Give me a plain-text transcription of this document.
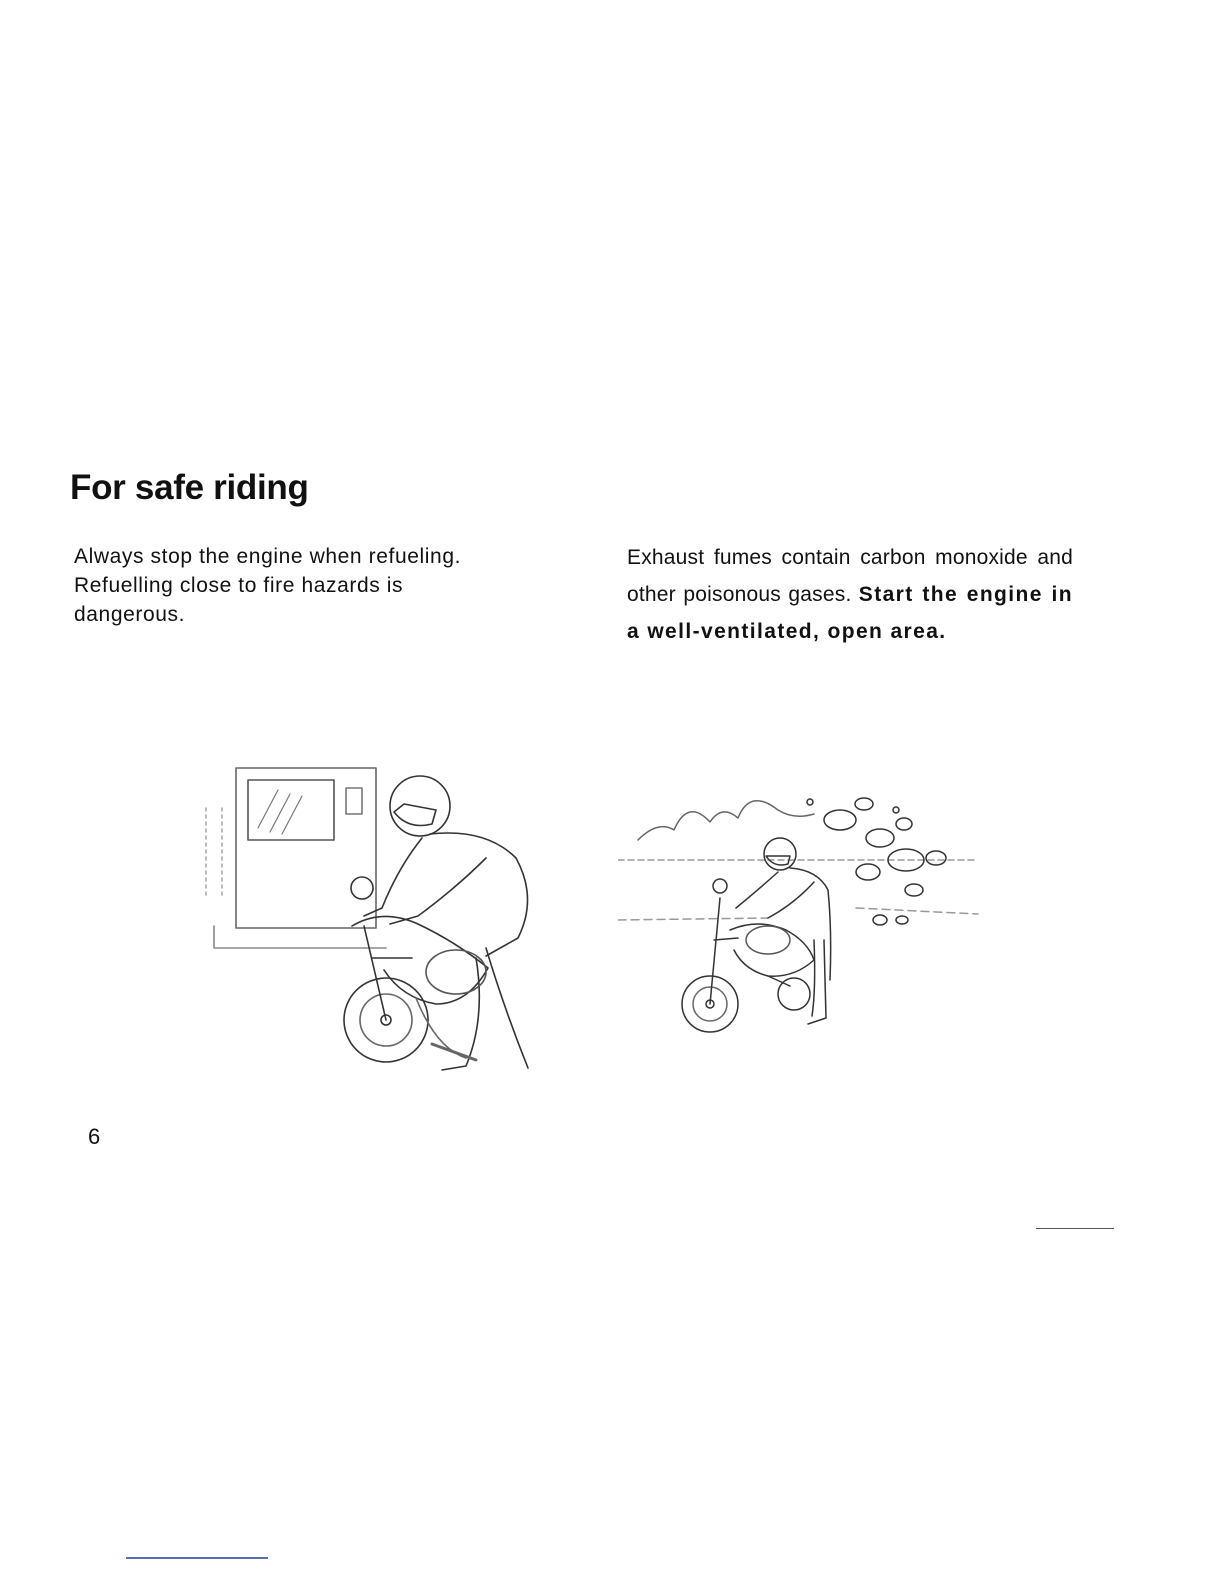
For safe riding

Always stop the engine when refueling.
Refuelling close to fire hazards is
dangerous.

Exhaust fumes contain carbon monoxide and other poisonous gases. Start the engine in a well-ventilated, open area.

6
